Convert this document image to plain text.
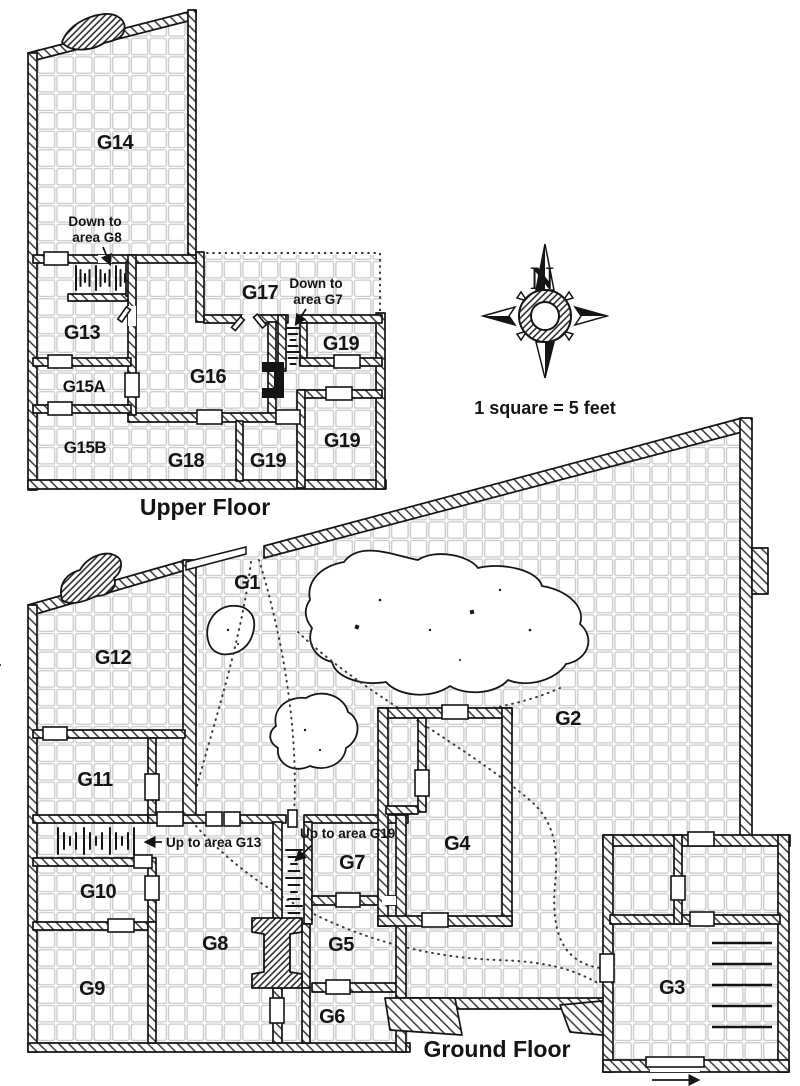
G14
G13
G15A
G15B
G16
G17
G19
G19
G18 G19
Down to
area G8
Down to
area G7
Upper Floor
N
1 square = 5 feet
G1
G2
G12
G11
G10
G9
G8
G7
G5
G6
G4
G3
Up to area G13
Up to area G19
Ground Floor
